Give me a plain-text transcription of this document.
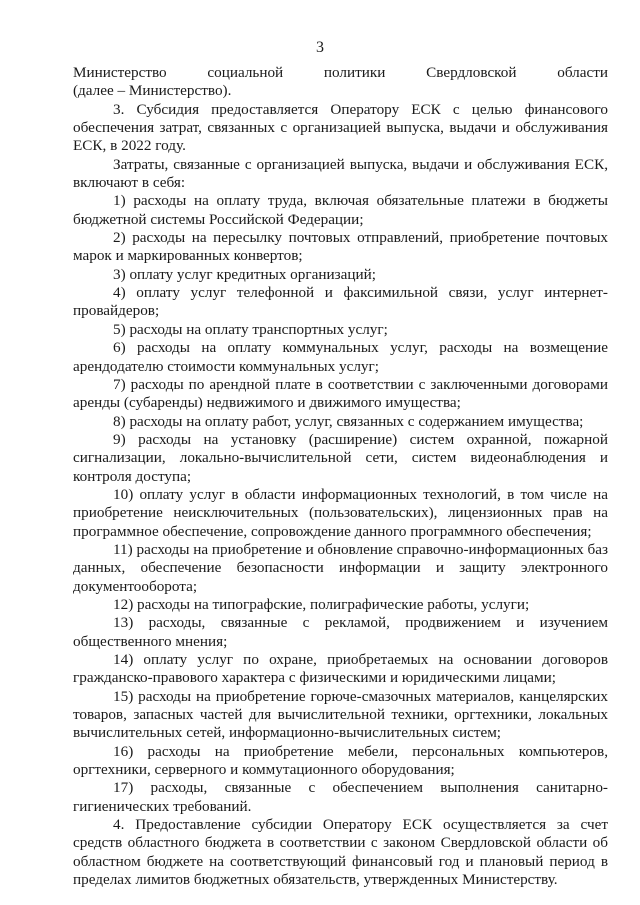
3

Министерство социальной политики Свердловской области

(далее – Министерство).

3. Субсидия предоставляется Оператору ЕСК с целью финансового обеспечения затрат, связанных с организацией выпуска, выдачи и обслуживания ЕСК, в 2022 году.

Затраты, связанные с организацией выпуска, выдачи и обслуживания ЕСК, включают в себя:

1) расходы на оплату труда, включая обязательные платежи в бюджеты бюджетной системы Российской Федерации;

2) расходы на пересылку почтовых отправлений, приобретение почтовых марок и маркированных конвертов;

3) оплату услуг кредитных организаций;

4) оплату услуг телефонной и факсимильной связи, услуг интернет-провайдеров;

5) расходы на оплату транспортных услуг;

6) расходы на оплату коммунальных услуг, расходы на возмещение арендодателю стоимости коммунальных услуг;

7) расходы по арендной плате в соответствии с заключенными договорами аренды (субаренды) недвижимого и движимого имущества;

8) расходы на оплату работ, услуг, связанных с содержанием имущества;

9) расходы на установку (расширение) систем охранной, пожарной сигнализации, локально-вычислительной сети, систем видеонаблюдения и контроля доступа;

10) оплату услуг в области информационных технологий, в том числе на приобретение неисключительных (пользовательских), лицензионных прав на программное обеспечение, сопровождение данного программного обеспечения;

11) расходы на приобретение и обновление справочно-информационных баз данных, обеспечение безопасности информации и защиту электронного документооборота;

12) расходы на типографские, полиграфические работы, услуги;

13) расходы, связанные с рекламой, продвижением и изучением общественного мнения;

14) оплату услуг по охране, приобретаемых на основании договоров гражданско-правового характера с физическими и юридическими лицами;

15) расходы на приобретение горюче-смазочных материалов, канцелярских товаров, запасных частей для вычислительной техники, оргтехники, локальных вычислительных сетей, информационно-вычислительных систем;

16) расходы на приобретение мебели, персональных компьютеров, оргтехники, серверного и коммутационного оборудования;

17) расходы, связанные с обеспечением выполнения санитарно-гигиенических требований.

4. Предоставление субсидии Оператору ЕСК осуществляется за счет средств областного бюджета в соответствии с законом Свердловской области об областном бюджете на соответствующий финансовый год и плановый период в пределах лимитов бюджетных обязательств, утвержденных Министерству.
